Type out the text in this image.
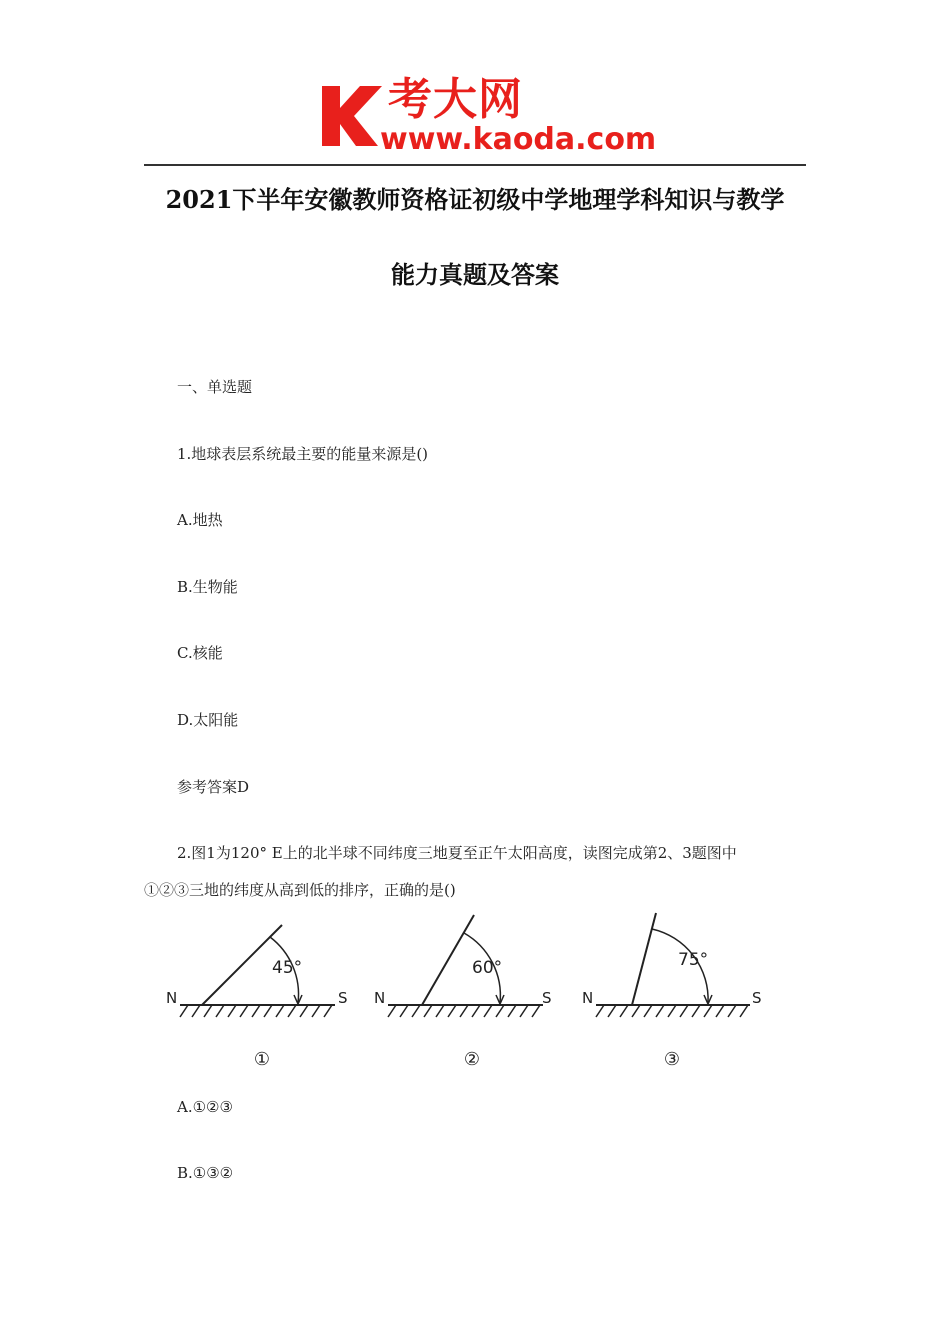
考大网
www.kaoda.com
2021下半年安徽教师资格证初级中学地理学科知识与教学
能力真题及答案
一、单选题
1.地球表层系统最主要的能量来源是()
A.地热
B.生物能
C.核能
D.太阳能
参考答案D
2.图1为120° E上的北半球不同纬度三地夏至正午太阳高度，读图完成第2、3题图中
①②③三地的纬度从高到低的排序，正确的是()
45°
N	S
60°
N	S
75°
N	S
①	②	③
A.①②③
B.①③②
